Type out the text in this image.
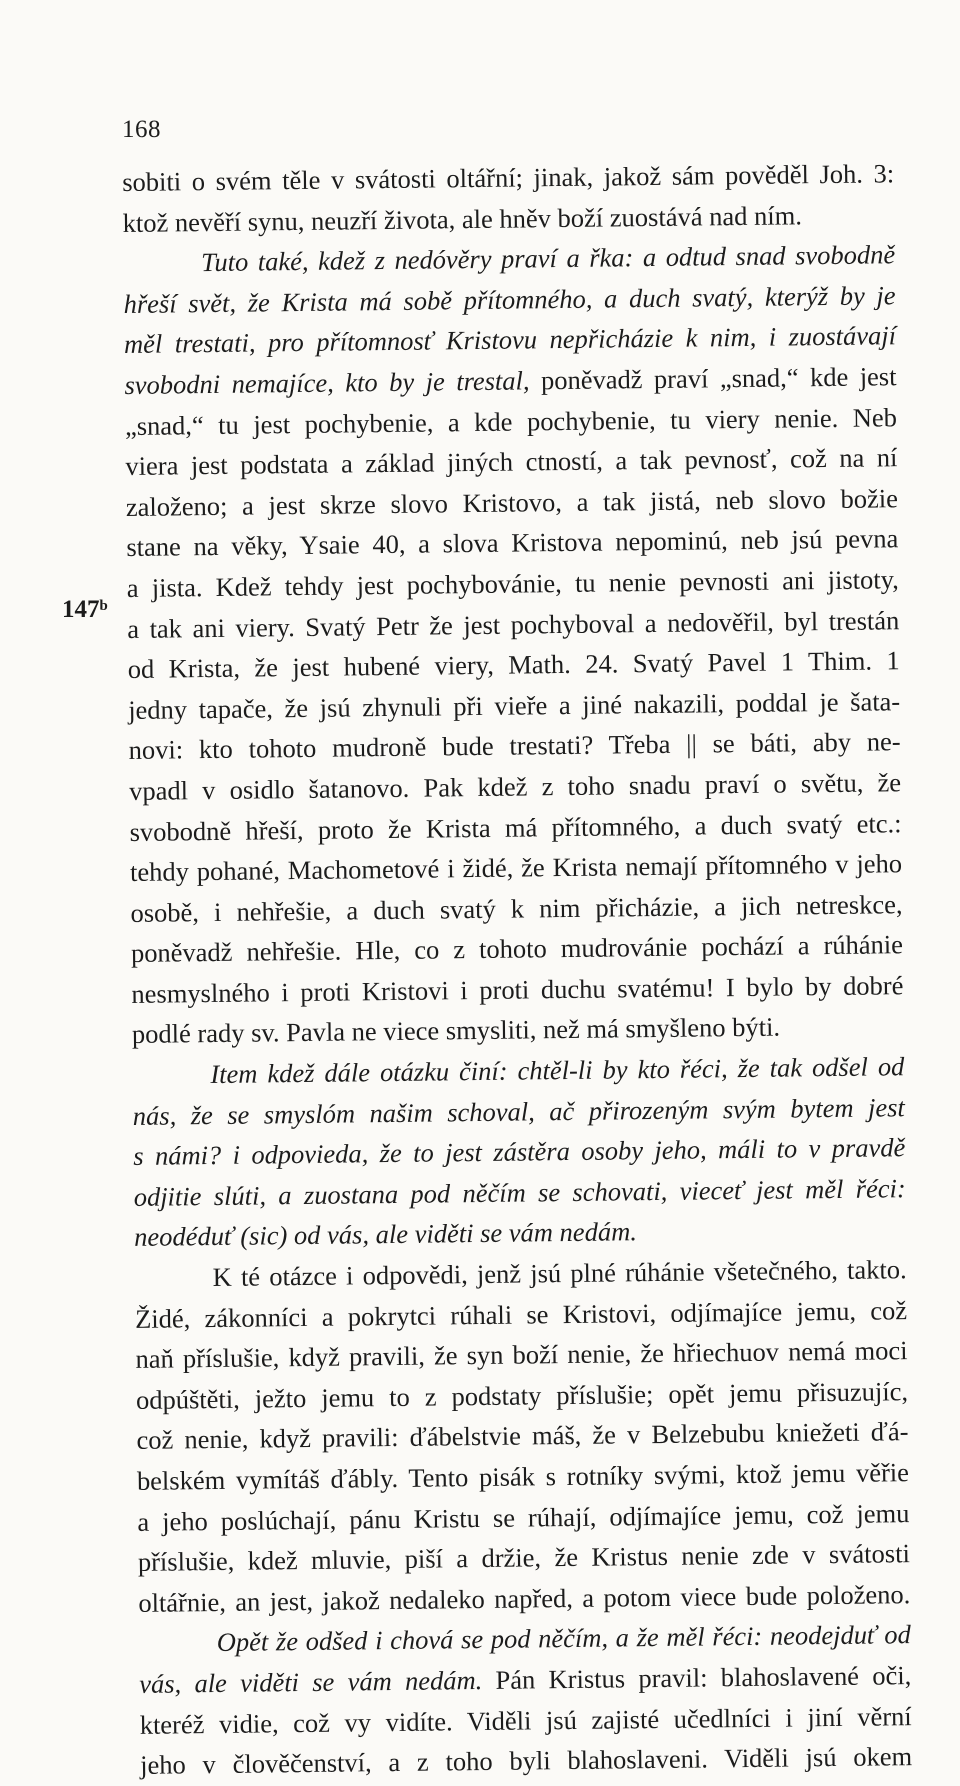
168
147ᵇ
sobiti o svém těle v svátosti oltářní; jinak, jakož sám pověděl Joh. 3:
ktož nevěří synu, neuzří života, ale hněv boží zuostává nad ním.
Tuto také, kdež z nedóvěry praví a řka: a odtud snad svobodně
hřeší svět, že Krista má sobě přítomného, a duch svatý, kterýž by je
měl trestati, pro přítomnosť Kristovu nepřicházie k nim, i zuostávají
svobodni nemajíce, kto by je trestal, poněvadž praví „snad,“ kde jest
„snad,“ tu jest pochybenie, a kde pochybenie, tu viery nenie. Neb
viera jest podstata a základ jiných ctností, a tak pevnosť, což na ní
založeno; a jest skrze slovo Kristovo, a tak jistá, neb slovo božie
stane na věky, Ysaie 40, a slova Kristova nepominú, neb jsú pevna
a jista. Kdež tehdy jest pochybovánie, tu nenie pevnosti ani jistoty,
a tak ani viery. Svatý Petr že jest pochyboval a nedověřil, byl trestán
od Krista, že jest hubené viery, Math. 24. Svatý Pavel 1 Thim. 1
jedny tapače, že jsú zhynuli při vieře a jiné nakazili, poddal je šata-
novi: kto tohoto mudroně bude trestati? Třeba || se báti, aby ne-
vpadl v osidlo šatanovo. Pak kdež z toho snadu praví o světu, že
svobodně hřeší, proto že Krista má přítomného, a duch svatý etc.:
tehdy pohané, Machometové i židé, že Krista nemají přítomného v jeho
osobě, i nehřešie, a duch svatý k nim přicházie, a jich netreskce,
poněvadž nehřešie. Hle, co z tohoto mudrovánie pochází a rúhánie
nesmyslného i proti Kristovi i proti duchu svatému! I bylo by dobré
podlé rady sv. Pavla ne viece smysliti, než má smyšleno býti.
Item kdež dále otázku činí: chtěl-li by kto řéci, že tak odšel od
nás, že se smyslóm našim schoval, ač přirozeným svým bytem jest
s námi? i odpovieda, že to jest zástěra osoby jeho, máli to v pravdě
odjitie slúti, a zuostana pod něčím se schovati, vieceť jest měl řéci:
neodéduť (sic) od vás, ale viděti se vám nedám.
K té otázce i odpovědi, jenž jsú plné rúhánie všetečného, takto.
Židé, zákonníci a pokrytci rúhali se Kristovi, odjímajíce jemu, což
naň příslušie, když pravili, že syn boží nenie, že hřiechuov nemá moci
odpúštěti, ježto jemu to z podstaty příslušie; opět jemu přisuzujíc,
což nenie, když pravili: ďábelstvie máš, že v Belzebubu kniežeti ďá-
belském vymítáš ďábly. Tento pisák s rotníky svými, ktož jemu věřie
a jeho poslúchají, pánu Kristu se rúhají, odjímajíce jemu, což jemu
příslušie, kdež mluvie, piší a držie, že Kristus nenie zde v svátosti
oltářnie, an jest, jakož nedaleko napřed, a potom viece bude položeno.
Opět že odšed i chová se pod něčím, a že měl řéci: neodejduť od
vás, ale viděti se vám nedám. Pán Kristus pravil: blahoslavené oči,
kteréž vidie, což vy vidíte. Viděli jsú zajisté učedlníci i jiní věrní
jeho v člověčenství, a z toho byli blahoslaveni. Viděli jsú okem
